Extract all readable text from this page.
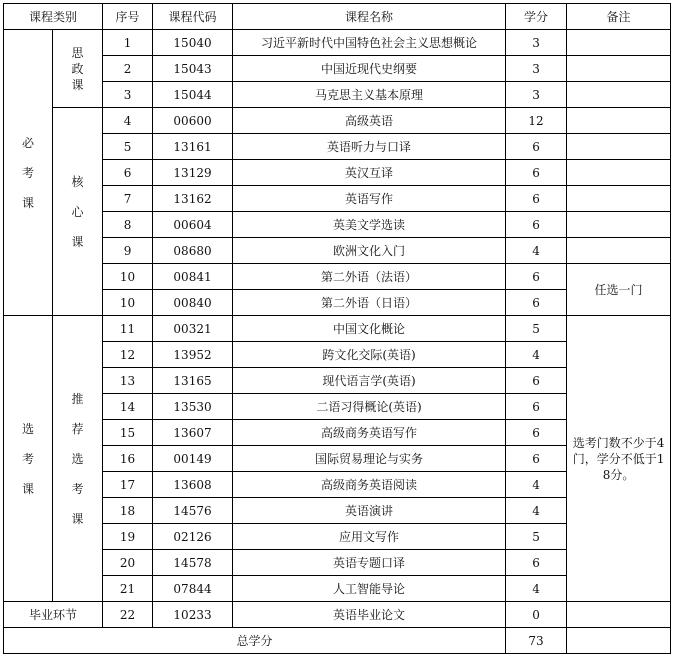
课程类别		序号	课程代码	课程名称	学分	备注
必考课	思政课	1	15040	习近平新时代中国特色社会主义思想概论	3	
		2	15043	中国近现代史纲要	3	
		3	15044	马克思主义基本原理	3	
	核心课	4	00600	高级英语	12	
		5	13161	英语听力与口译	6	
		6	13129	英汉互译	6	
		7	13162	英语写作	6	
		8	00604	英美文学选读	6	
		9	08680	欧洲文化入门	4	
		10	00841	第二外语（法语）	6	任选一门
		10	00840	第二外语（日语）	6	
选考课	推荐选考课	11	00321	中国文化概论	5	选考门数不少于4门，学分不低于18分。
		12	13952	跨文化交际(英语)	4	
		13	13165	现代语言学(英语)	6	
		14	13530	二语习得概论(英语)	6	
		15	13607	高级商务英语写作	6	
		16	00149	国际贸易理论与实务	6	
		17	13608	高级商务英语阅读	4	
		18	14576	英语演讲	4	
		19	02126	应用文写作	5	
		20	14578	英语专题口译	6	
		21	07844	人工智能导论	4	
毕业环节		22	10233	英语毕业论文	0	
总学分					73	
